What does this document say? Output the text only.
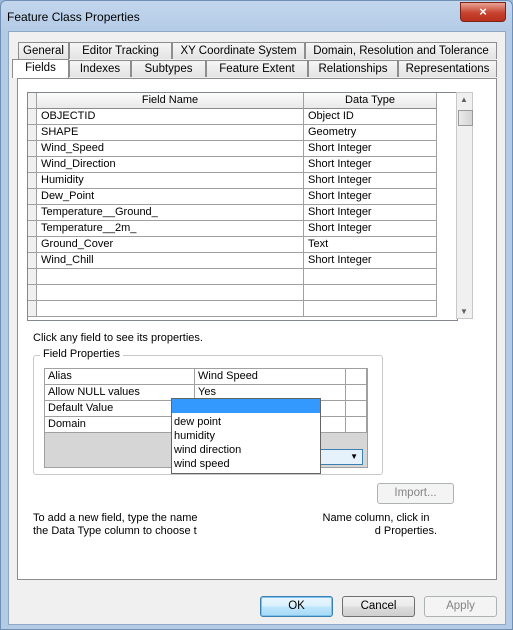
Feature Class Properties	×
General	Editor Tracking	XY Coordinate System	Domain, Resolution and Tolerance
Fields	Indexes	Subtypes	Feature Extent	Relationships	Representations
Field Name	Data Type
OBJECTID	Object ID
SHAPE	Geometry
Wind_Speed	Short Integer
Wind_Direction	Short Integer
Humidity	Short Integer
Dew_Point	Short Integer
Temperature__Ground_	Short Integer
Temperature__2m_	Short Integer
Ground_Cover	Text
Wind_Chill	Short Integer
▲
▼
Click any field to see its properties.
Field Properties
Alias	Wind Speed
Allow NULL values	Yes
Default Value
Domain
▼
Import...
To add a new field, type the name	Name column, click in
the Data Type column to choose t	d Properties.
OK	Cancel	Apply
dew point
humidity
wind direction
wind speed
